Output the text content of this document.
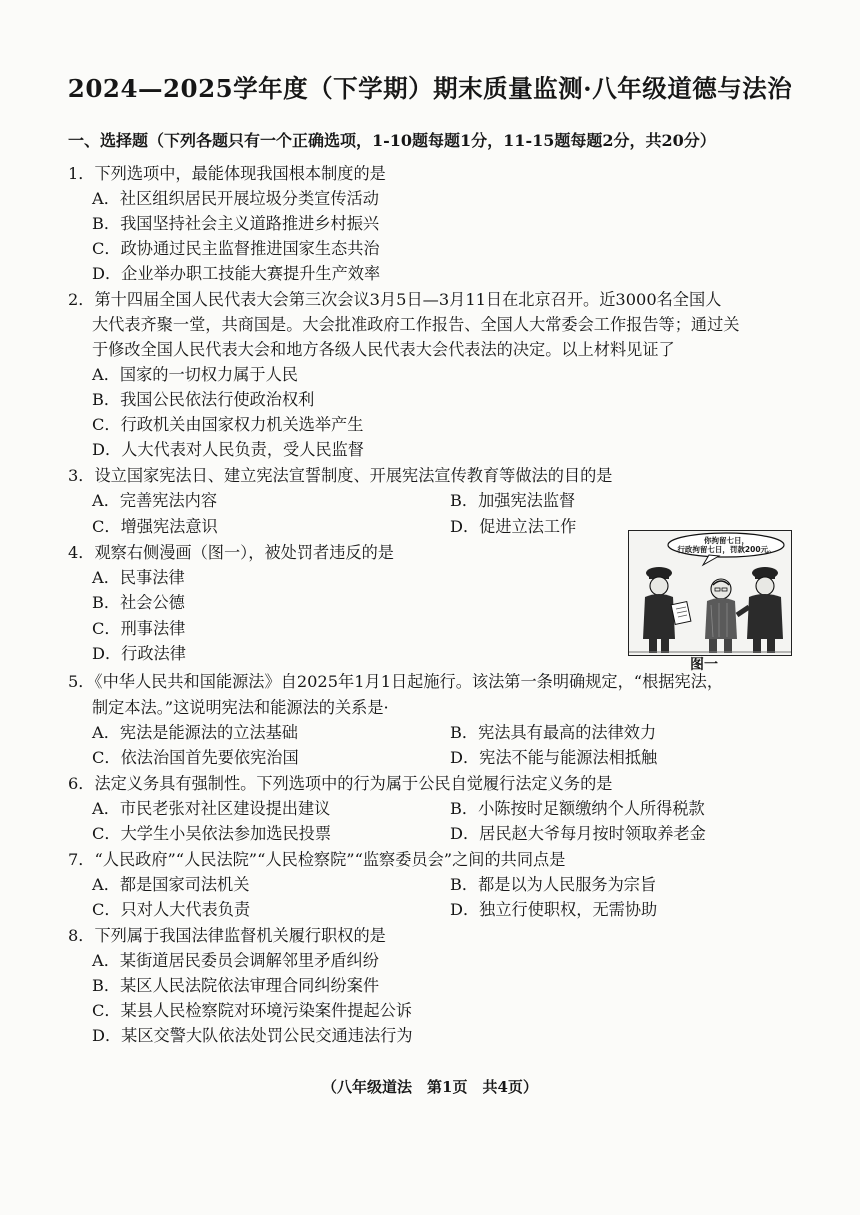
2024—2025学年度（下学期）期末质量监测·八年级道德与法治
一、选择题（下列各题只有一个正确选项，1-10题每题1分，11-15题每题2分，共20分）
1．下列选项中，最能体现我国根本制度的是
A．社区组织居民开展垃圾分类宣传活动
B．我国坚持社会主义道路推进乡村振兴
C．政协通过民主监督推进国家生态共治
D．企业举办职工技能大赛提升生产效率
2．第十四届全国人民代表大会第三次会议3月5日—3月11日在北京召开。近3000名全国人
大代表齐聚一堂，共商国是。大会批准政府工作报告、全国人大常委会工作报告等；通过关
于修改全国人民代表大会和地方各级人民代表大会代表法的决定。以上材料见证了
A．国家的一切权力属于人民
B．我国公民依法行使政治权利
C．行政机关由国家权力机关选举产生
D．人大代表对人民负责，受人民监督
3．设立国家宪法日、建立宪法宣誓制度、开展宪法宣传教育等做法的目的是
A．完善宪法内容	B．加强宪法监督
C．增强宪法意识	D．促进立法工作
4．观察右侧漫画（图一），被处罚者违反的是
A．民事法律
B．社会公德
C．刑事法律
D．行政法律
你拘留七日，
行政拘留七日，罚款200元。
图一
5．《中华人民共和国能源法》自2025年1月1日起施行。该法第一条明确规定，“根据宪法，
制定本法。”这说明宪法和能源法的关系是·
A．宪法是能源法的立法基础	B．宪法具有最高的法律效力
C．依法治国首先要依宪治国	D．宪法不能与能源法相抵触
6．法定义务具有强制性。下列选项中的行为属于公民自觉履行法定义务的是
A．市民老张对社区建设提出建议	B．小陈按时足额缴纳个人所得税款
C．大学生小吴依法参加选民投票	D．居民赵大爷每月按时领取养老金
7．“人民政府”“人民法院”“人民检察院”“监察委员会”之间的共同点是
A．都是国家司法机关	B．都是以为人民服务为宗旨
C．只对人大代表负责	D．独立行使职权，无需协助
8．下列属于我国法律监督机关履行职权的是
A．某街道居民委员会调解邻里矛盾纠纷
B．某区人民法院依法审理合同纠纷案件
C．某县人民检察院对环境污染案件提起公诉
D．某区交警大队依法处罚公民交通违法行为
（八年级道法　第1页　共4页）
